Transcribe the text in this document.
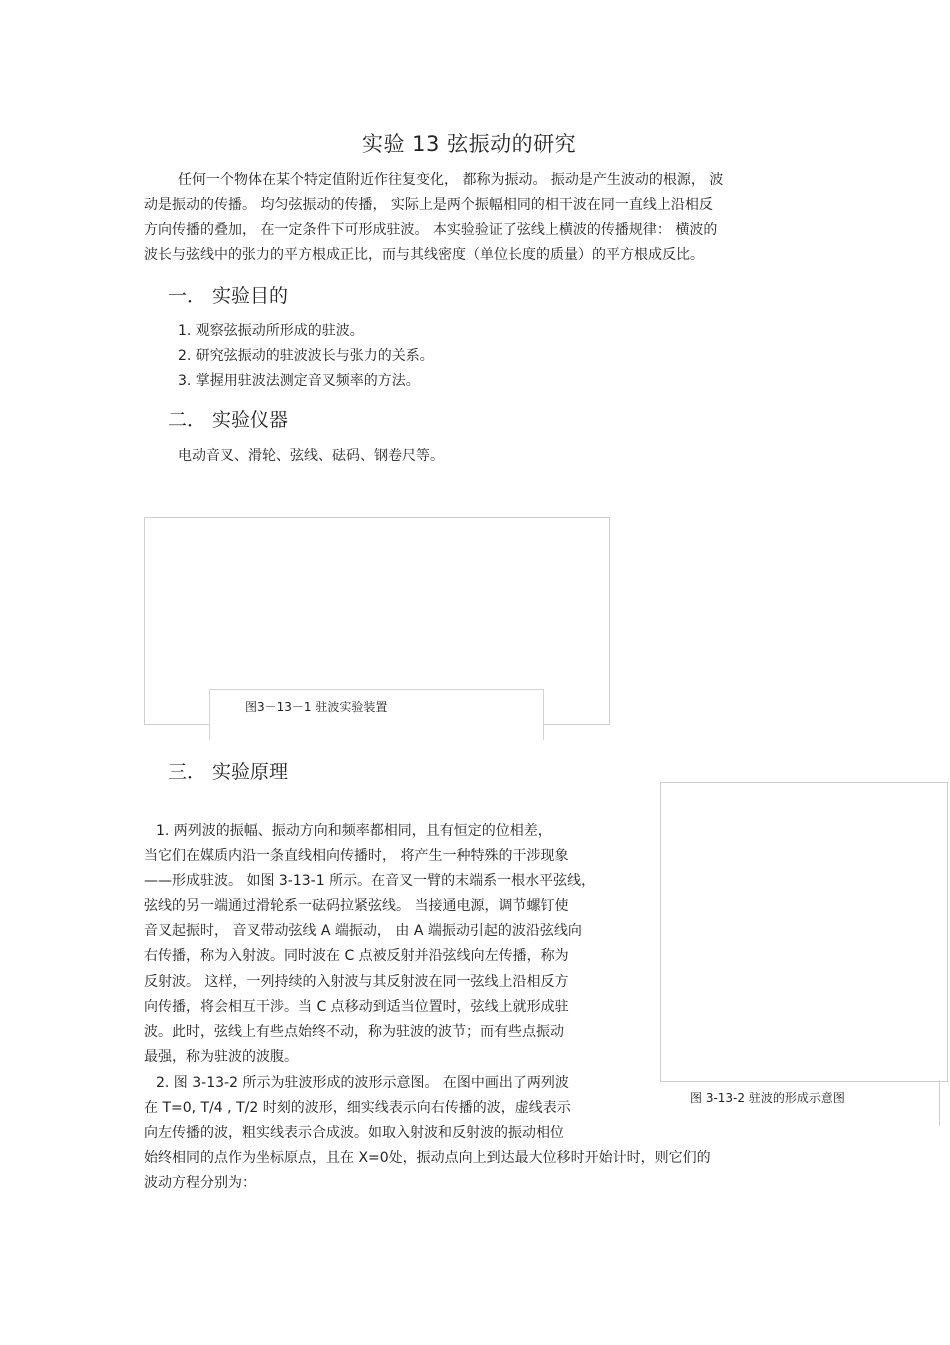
实验 13 弦振动的研究
任何一个物体在某个特定值附近作往复变化， 都称为振动。 振动是产生波动的根源， 波
动是振动的传播。 均匀弦振动的传播， 实际上是两个振幅相同的相干波在同一直线上沿相反
方向传播的叠加， 在一定条件下可形成驻波。 本实验验证了弦线上横波的传播规律： 横波的
波长与弦线中的张力的平方根成正比，而与其线密度（单位长度的质量）的平方根成反比。
一． 实验目的
1. 观察弦振动所形成的驻波。
2. 研究弦振动的驻波波长与张力的关系。
3. 掌握用驻波法测定音叉频率的方法。
二． 实验仪器
电动音叉、滑轮、弦线、砝码、钢卷尺等。
图3－13－1 驻波实验装置
三． 实验原理
1. 两列波的振幅、振动方向和频率都相同，且有恒定的位相差，
当它们在媒质内沿一条直线相向传播时， 将产生一种特殊的干涉现象
——形成驻波。 如图 3-13-1 所示。在音叉一臂的末端系一根水平弦线，
弦线的另一端通过滑轮系一砝码拉紧弦线。 当接通电源，调节螺钉使
音叉起振时， 音叉带动弦线 A 端振动， 由 A 端振动引起的波沿弦线向
右传播，称为入射波。同时波在 C 点被反射并沿弦线向左传播，称为
反射波。 这样，一列持续的入射波与其反射波在同一弦线上沿相反方
向传播，将会相互干涉。当 C 点移动到适当位置时，弦线上就形成驻
波。此时，弦线上有些点始终不动，称为驻波的波节；而有些点振动
最强，称为驻波的波腹。
2. 图 3-13-2 所示为驻波形成的波形示意图。 在图中画出了两列波
在 T=0, T/4 , T/2 时刻的波形，细实线表示向右传播的波，虚线表示
向左传播的波，粗实线表示合成波。如取入射波和反射波的振动相位
始终相同的点作为坐标原点，且在 X=0处，振动点向上到达最大位移时开始计时，则它们的
波动方程分别为：
图 3-13-2 驻波的形成示意图
